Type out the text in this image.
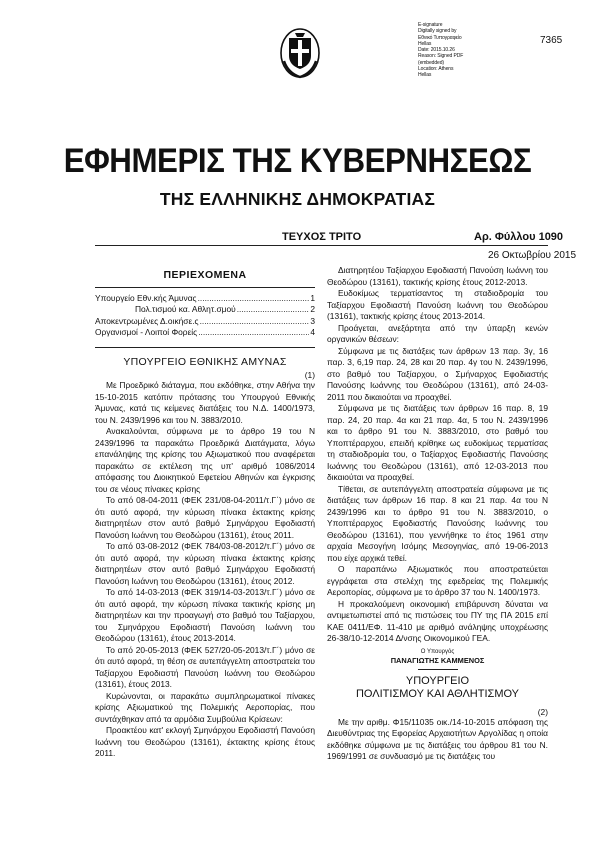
E-signature
Digitally signed by
Εθνικό Τυπογραφείο
Hellas
Date: 2015.10.26
Reason: Signed PDF
(embedded)
Location: Athens
Hellas
7365
ΕΦΗΜΕΡΙΣ ΤΗΣ ΚΥΒΕΡΝΗΣΕΩΣ
ΤΗΣ ΕΛΛΗΝΙΚΗΣ ΔΗΜΟΚΡΑΤΙΑΣ
ΤΕΥΧΟΣ ΤΡΙΤΟ	Αρ. Φύλλου 1090
26 Οκτωβρίου 2015
ΠΕΡΙΕΧΟΜΕΝΑ
Υπουργείο Εθν.κής Άμυνας .....	1
Πολ.τισμού κα. Αθλητ.σμού .....	2
Αποκεντρωμένες Δ.οικήσε.ς .....	3
Οργανισμοί - Λοιποί Φορείς .....	4
ΥΠΟΥΡΓΕΙΟ ΕΘΝΙΚΗΣ ΑΜΥΝΑΣ
(1)

Με Προεδρικό διάταγμα, που εκδόθηκε, στην Αθήνα την 15-10-2015 κατόπιν πρότασης του Υπουργού Εθνικής Άμυνας, κατά τις κείμενες διατάξεις του Ν.Δ. 1400/1973, του Ν. 2439/1996 και του Ν. 3883/2010.

Ανακαλούνται, σύμφωνα με το άρθρο 19 του Ν 2439/1996 τα παρακάτω Προεδρικά Διατάγματα, λόγω επανάληψης της κρίσης του Αξιωματικού που αναφέρεται παρακάτω σε εκτέλεση της υπ' αριθμό 1086/2014 απόφασης του Διοικητικού Εφετείου Αθηνών και έγκρισης του σε νέους πίνακες κρίσης

Το από 08-04-2011 (ΦΕΚ 231/08-04-2011/τ.Γ΄) μόνο σε ότι αυτό αφορά, την κύρωση πίνακα έκτακτης κρίσης διατηρητέων στον αυτό βαθμό Σμηνάρχου Εφοδιαστή Πανούση Ιωάννη του Θεοδώρου (13161), έτους 2011.

Το από 03-08-2012 (ΦΕΚ 784/03-08-2012/τ.Γ΄) μόνο σε ότι αυτό αφορά, την κύρωση πίνακα έκτακτης κρίσης διατηρητέων στον αυτό βαθμό Σμηνάρχου Εφοδιαστή Πανούση Ιωάννη του Θεοδώρου (13161), έτους 2012.

Το από 14-03-2013 (ΦΕΚ 319/14-03-2013/τ.Γ΄) μόνο σε ότι αυτό αφορά, την κύρωση πίνακα τακτικής κρίσης μη διατηρητέων και την προαγωγή στο βαθμό του Ταξίαρχου, του Σμηνάρχου Εφοδιαστή Πανούση Ιωάννη του Θεοδώρου (13161), έτους 2013-2014.

Το από 20-05-2013 (ΦΕΚ 527/20-05-2013/τ.Γ΄) μόνο σε ότι αυτό αφορά, τη θέση σε αυτεπάγγελτη αποστρατεία του Ταξίαρχου Εφοδιαστή Πανούση Ιωάννη του Θεοδώρου (13161), έτους 2013.

Κυρώνονται, οι παρακάτω συμπληρωματικοί πίνακες κρίσης Αξιωματικού της Πολεμικής Αεροπορίας, που συντάχθηκαν από τα αρμόδια Συμβούλια Κρίσεων:

Προακτέου κατ' εκλογή Σμηνάρχου Εφοδιαστή Πανούση Ιωάννη του Θεοδώρου (13161), έκτακτης κρίσης έτους 2011.

Διατηρητέου Ταξίαρχου Εφοδιαστή Πανούση Ιωάννη του Θεοδώρου (13161), τακτικής κρίσης έτους 2012-2013.

Ευδοκίμως τερματίσαντος τη σταδιοδρομία του Ταξίαρχου Εφοδιαστή Πανούση Ιωάννη του Θεοδώρου (13161), τακτικής κρίσης έτους 2013-2014.

Προάγεται, ανεξάρτητα από την ύπαρξη κενών οργανικών θέσεων:

Σύμφωνα με τις διατάξεις των άρθρων 13 παρ. 3γ, 16 παρ. 3, 6,19 παρ. 24, 28 και 20 παρ. 4γ του Ν. 2439/1996, στο βαθμό του Ταξίαρχου, ο Σμήναρχος Εφοδιαστής Πανούσης Ιωάννης του Θεοδώρου (13161), από 24-03-2011 που δικαιούται να προαχθεί.

Σύμφωνα με τις διατάξεις των άρθρων 16 παρ. 8, 19 παρ. 24, 20 παρ. 4α και 21 παρ. 4α, 5 του Ν. 2439/1996 και το άρθρο 91 του Ν. 3883/2010, στο βαθμό του Υποπτέραρχου, επειδή κρίθηκε ως ευδοκίμως τερματίσας τη σταδιοδρομία του, ο Ταξίαρχος Εφοδιαστής Πανούσης Ιωάννης του Θεοδώρου (13161), από 12-03-2013 που δικαιούται να προαχθεί.

Τίθεται, σε αυτεπάγγελτη αποστρατεία σύμφωνα με τις διατάξεις των άρθρων 16 παρ. 8 και 21 παρ. 4α του Ν 2439/1996 και το άρθρο 91 του Ν. 3883/2010, ο Υποπτέραρχος Εφοδιαστής Πανούσης Ιωάννης του Θεοδώρου (13161), που γεννήθηκε το έτος 1961 στην αρχαία Μεσογήνη Ισόμης Μεσογηνίας, από 19-06-2013 που είχε αρχικά τεθεί.

Ο παραπάνω Αξιωματικός που αποστρατεύεται εγγράφεται στα στελέχη της εφεδρείας της Πολεμικής Αεροπορίας, σύμφωνα με το άρθρο 37 του Ν. 1400/1973.

Η προκαλούμενη οικονομική επιβάρυνση δύναται να αντιμετωπιστεί από τις πιστώσεις του ΠΥ της ΠΑ 2015 επί ΚΑΕ 0411/ΕΦ. 11-410 με αριθμό ανάληψης υποχρέωσης 26-38/10-12-2014 Δ/νσης Οικονομικού ΓΕΑ.

Ο Υπουργός
ΠΑΝΑΓΙΩΤΗΣ ΚΑΜΜΕΝΟΣ
ΥΠΟΥΡΓΕΙΟ
ΠΟΛΙΤΙΣΜΟΥ ΚΑΙ ΑΘΛΗΤΙΣΜΟΥ
(2)

Με την αριθμ. Φ15/11035 οικ./14-10-2015 απόφαση της Διευθύντριας της Εφορείας Αρχαιοτήτων Αργολίδας η οποία εκδόθηκε σύμφωνα με τις διατάξεις του άρθρου 81 του Ν. 1969/1991 σε συνδυασμό με τις διατάξεις του
